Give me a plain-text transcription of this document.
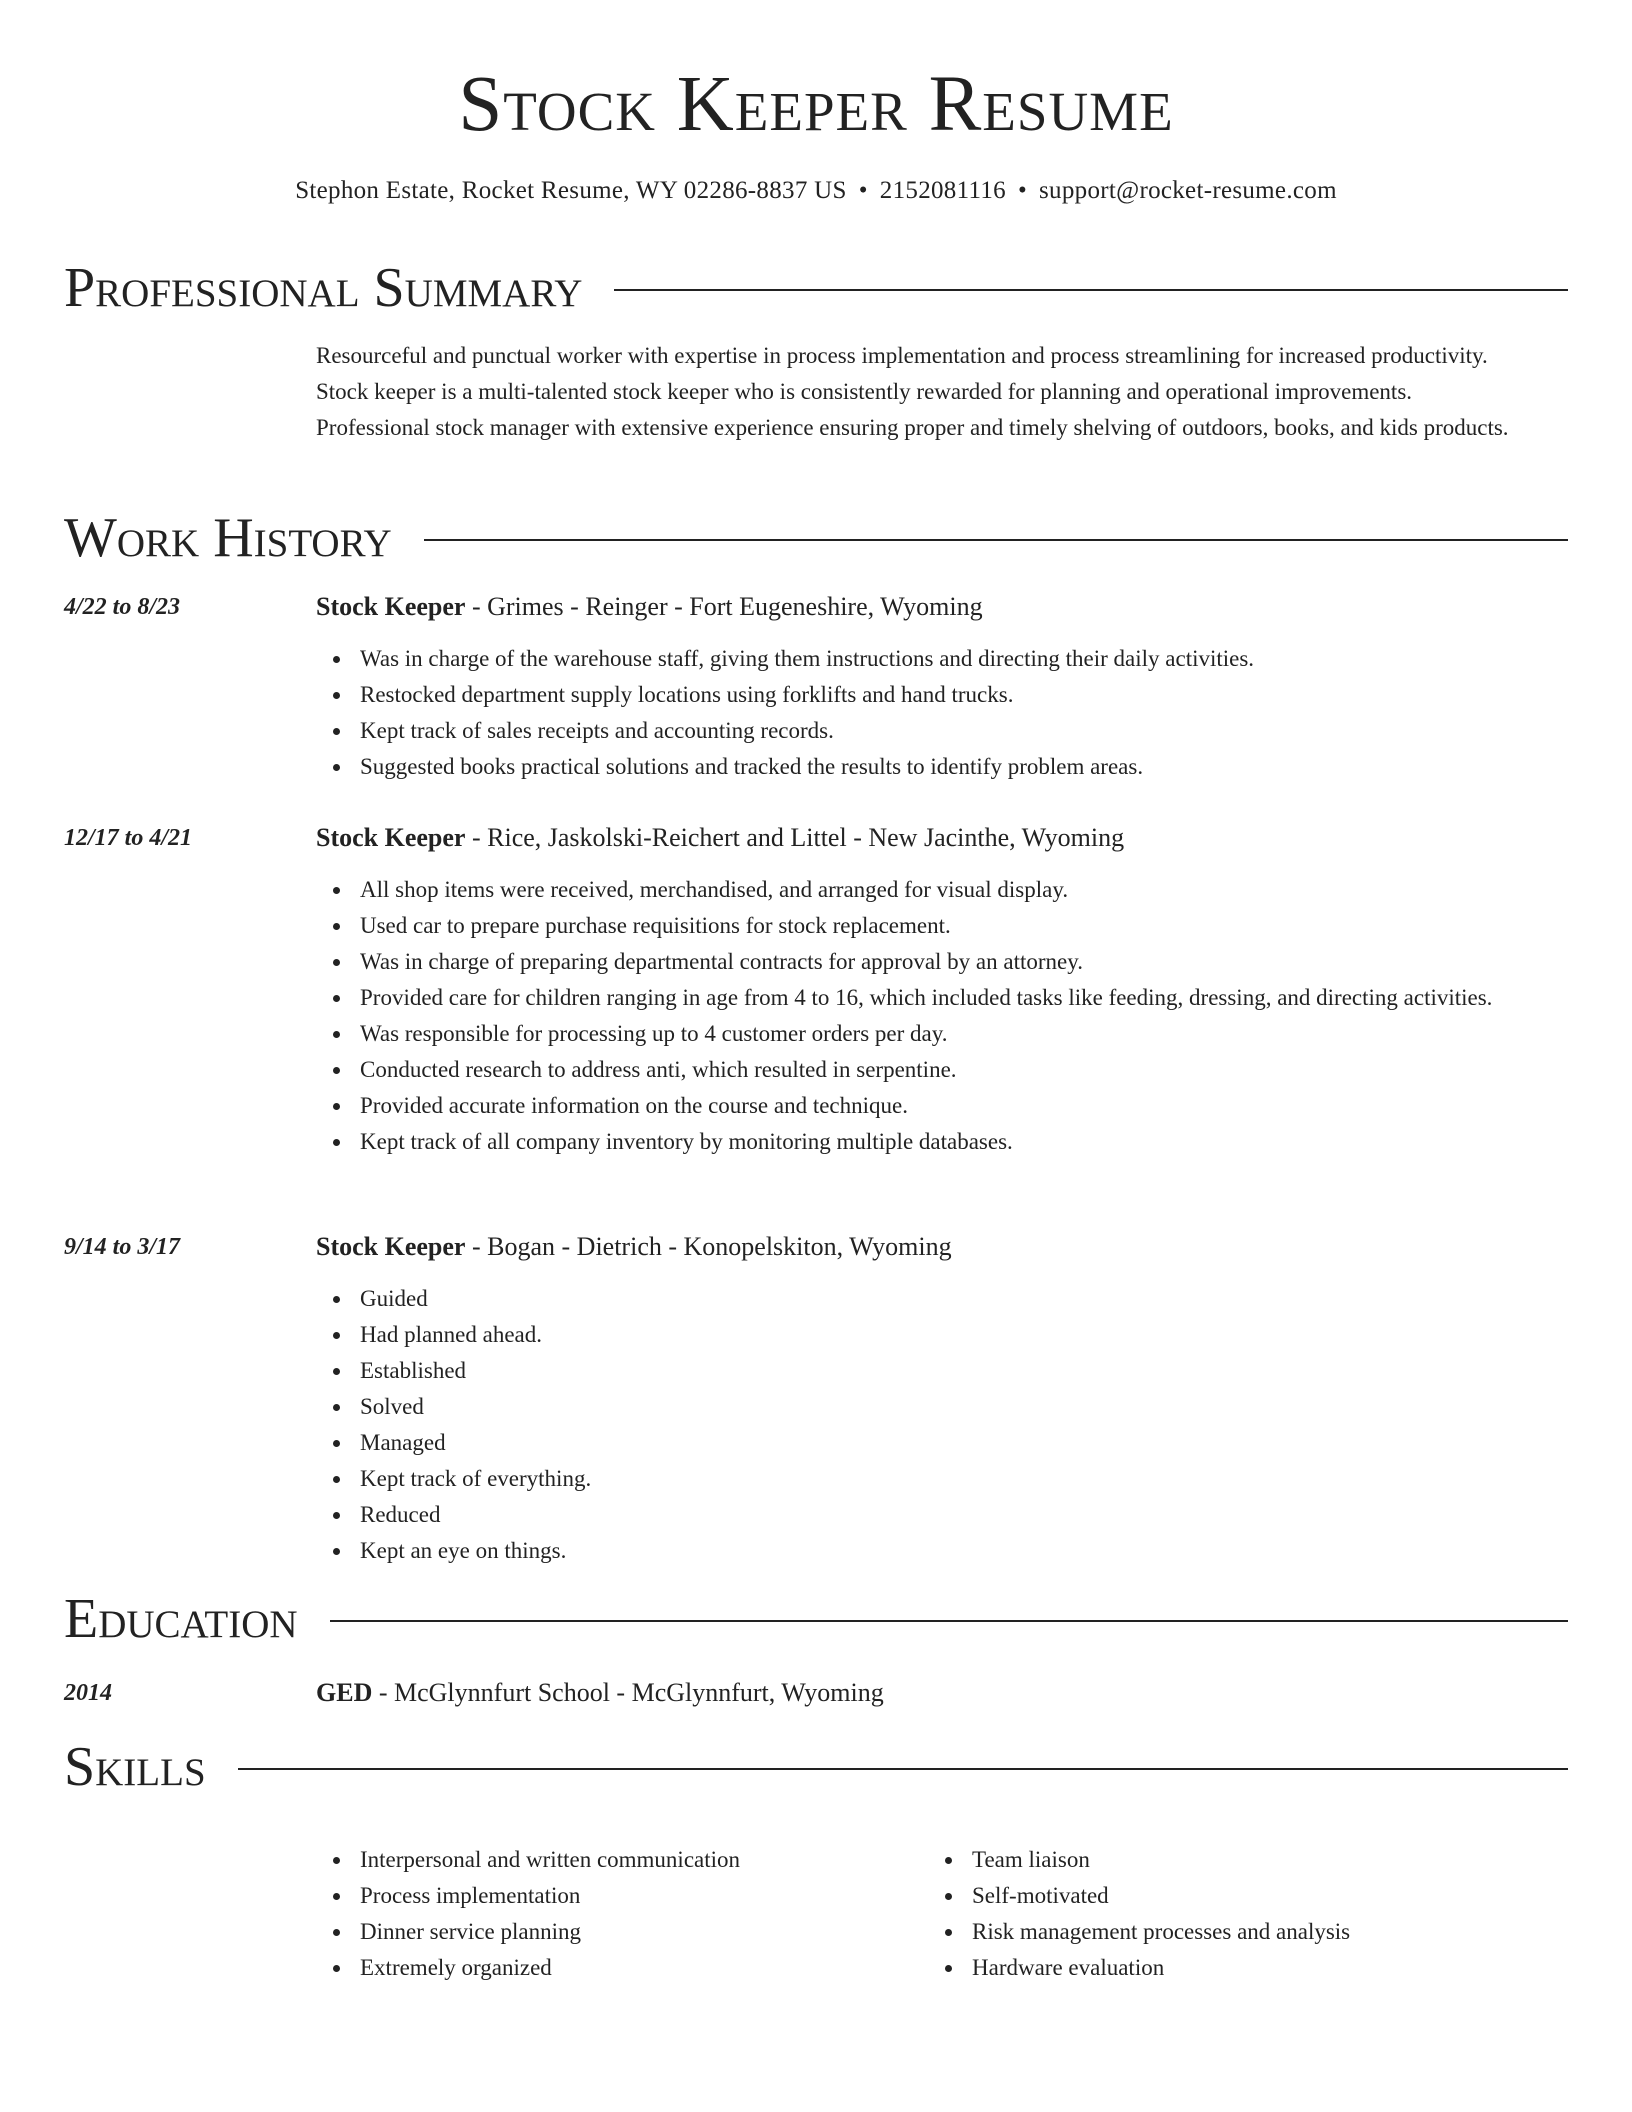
Stock Keeper Resume
Stephon Estate, Rocket Resume, WY 02286-8837 US • 2152081116 • support@rocket-resume.com
Professional Summary

Resourceful and punctual worker with expertise in process implementation and process streamlining for increased productivity. Stock keeper is a multi-talented stock keeper who is consistently rewarded for planning and operational improvements. Professional stock manager with extensive experience ensuring proper and timely shelving of outdoors, books, and kids products.

Work History
4/22 to 8/23	Stock Keeper - Grimes - Reinger - Fort Eugeneshire, Wyoming
Was in charge of the warehouse staff, giving them instructions and directing their daily activities.
Restocked department supply locations using forklifts and hand trucks.
Kept track of sales receipts and accounting records.
Suggested books practical solutions and tracked the results to identify problem areas.
12/17 to 4/21	Stock Keeper - Rice, Jaskolski-Reichert and Littel - New Jacinthe, Wyoming
All shop items were received, merchandised, and arranged for visual display.
Used car to prepare purchase requisitions for stock replacement.
Was in charge of preparing departmental contracts for approval by an attorney.
Provided care for children ranging in age from 4 to 16, which included tasks like feeding, dressing, and directing activities.
Was responsible for processing up to 4 customer orders per day.
Conducted research to address anti, which resulted in serpentine.
Provided accurate information on the course and technique.
Kept track of all company inventory by monitoring multiple databases.
9/14 to 3/17	Stock Keeper - Bogan - Dietrich - Konopelskiton, Wyoming
Guided
Had planned ahead.
Established
Solved
Managed
Kept track of everything.
Reduced
Kept an eye on things.
Education
2014	GED - McGlynnfurt School - McGlynnfurt, Wyoming
Skills
Interpersonal and written communication
Process implementation
Dinner service planning
Extremely organized
Team liaison
Self-motivated
Risk management processes and analysis
Hardware evaluation
